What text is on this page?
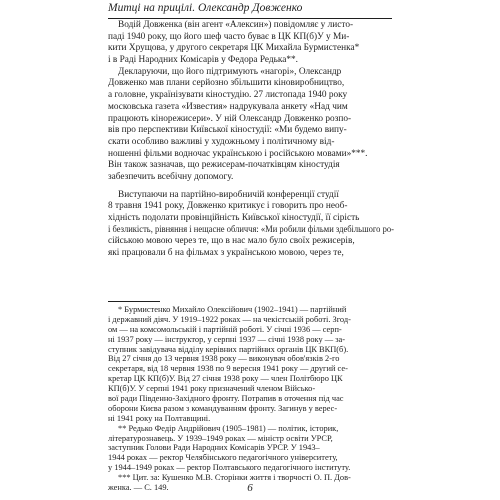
Митці на прицілі. Олександр Довженко
Водій Довженка (він агент «Алексин») повідомляє у листо-
паді 1940 року, що його шеф часто буває в ЦК КП(б)У у Ми-
кити Хрущова, у другого секретаря ЦК Михайла Бурмистенка*
і в Раді Народних Комісарів у Федора Редька**.
Декларуючи, що його підтримують «нагорі», Олександр
Довженко мав плани серйозно збільшити кіновиробництво,
а головне, українізувати кіностудію. 27 листопада 1940 року
московська газета «Известия» надрукувала анкету «Над чим
працюють кінорежисери». У ній Олександр Довженко розпо-
вів про перспективи Київської кіностудії: «Ми будемо випу-
скати особливо важливі у художньому і політичному від-
ношенні фільми водночас українською і російською мовами»***.
Він також зазначав, що режисерам-початківцям кіностудія
забезпечить всебічну допомогу.
Виступаючи на партійно-виробничій конференції студії
8 травня 1941 року, Довженко критикує і говорить про необ-
хідність подолати провінційність Київської кіностудії, її сірість
і безликість, рівняння і нещасне обличчя: «Ми робили фільми здебільшого ро-
сійською мовою через те, що в нас мало було своїх режисерів,
які працювали б на фільмах з українською мовою, через те,
* Бурмистенко Михайло Олексійович (1902–1941) — партійний
і державний діяч. У 1919–1922 роках — на чекістській роботі. Згод-
ом — на комсомольській і партійній роботі. У січні 1936 — серп-
ні 1937 року — інструктор, у серпні 1937 — січні 1938 року — за-
ступник завідувача відділу керівних партійних органів ЦК ВКП(б).
Від 27 січня до 13 червня 1938 року — виконувач обов'язків 2-го
секретаря, від 18 червня 1938 по 9 вересня 1941 року — другий се-
кретар ЦК КП(б)У. Від 27 січня 1938 року — член Політбюро ЦК
КП(б)У. У серпні 1941 року призначений членом Військо-
вої ради Південно-Західного фронту. Потрапив в оточення під час
оборони Києва разом з командуванням фронту. Загинув у верес-
ні 1941 року на Полтавщині.
** Редько Федір Андрійович (1905–1981) — політик, історик,
літературознавець. У 1939–1949 роках — міністр освіти УРСР,
заступник Голови Ради Народних Комісарів УРСР. У 1943–
1944 роках — ректор Челябінського педагогічного університету,
у 1944–1949 роках — ректор Полтавського педагогічного інституту.
*** Цит. за: Кушенко М.В. Сторінки життя і творчості О. П. Дов-
женка. — С. 149.	6
